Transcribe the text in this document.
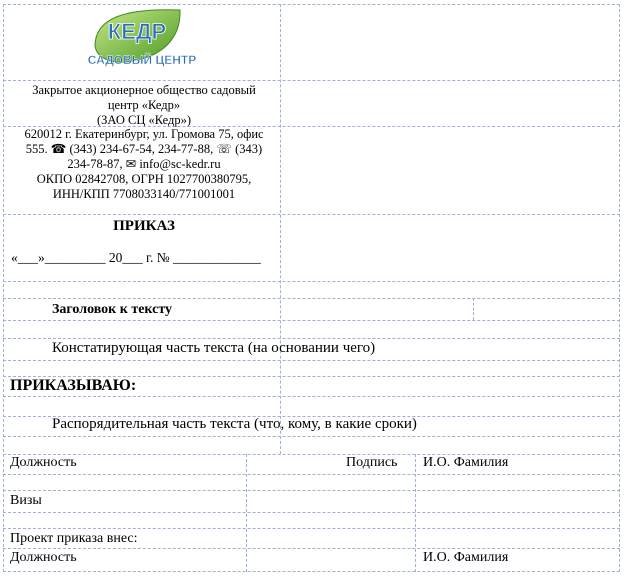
КЕДР
САДОВЫЙ ЦЕНТР
Закрытое акционерное общество садовый
центр «Кедр»
(ЗАО СЦ «Кедр»)
620012 г. Екатеринбург, ул. Громова 75, офис
555. ☎ (343) 234-67-54, 234-77-88, ☏ (343)
234-78-87, ✉ info@sc-kedr.ru
ОКПО 02842708, ОГРН 1027700380795,
ИНН/КПП 7708033140/771001001
ПРИКАЗ
«___»_________ 20___ г. № _____________
Заголовок к тексту
Констатирующая часть текста (на основании чего)
ПРИКАЗЫВАЮ:
Распорядительная часть текста (что, кому, в какие сроки)
Должность	Подпись И.О. Фамилия
Визы
Проект приказа внес:
Должность	И.О. Фамилия
